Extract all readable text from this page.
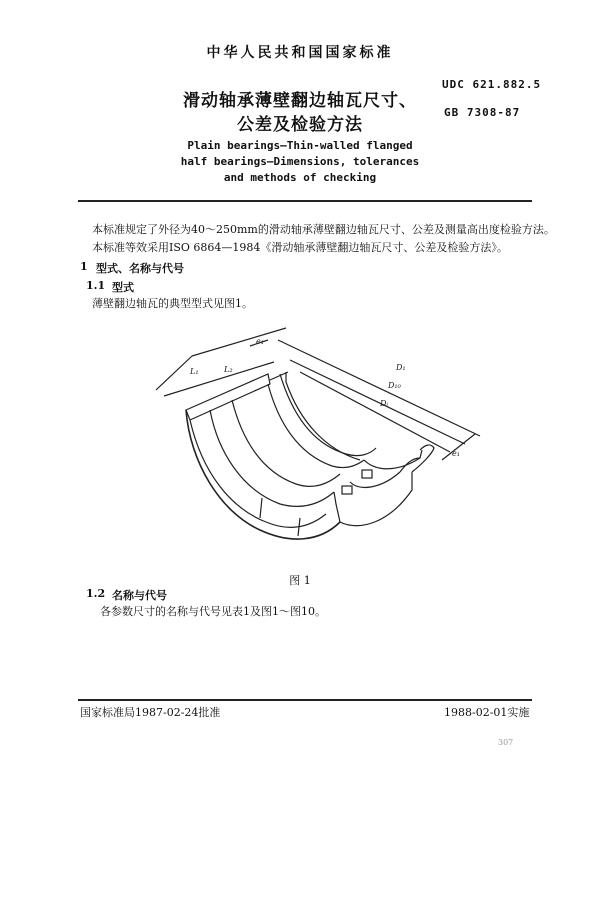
中华人民共和国国家标准
滑动轴承薄壁翻边轴瓦尺寸、
公差及检验方法
UDC 621.882.5
GB 7308-87
Plain bearings—Thin-walled flanged
half bearings—Dimensions, tolerances
and methods of checking
本标准规定了外径为40～250mm的滑动轴承薄壁翻边轴瓦尺寸、公差及测量高出度检验方法。
本标准等效采用ISO 6864—1984《滑动轴承薄壁翻边轴瓦尺寸、公差及检验方法》。
1 型式、名称与代号
1.1 型式
薄壁翻边轴瓦的典型型式见图1。
L₁	L₂
e₁
D₁
D₁₀
Dᵢ
e₁
图 1
1.2 名称与代号
各参数尺寸的名称与代号见表1及图1～图10。
国家标准局1987-02-24批准	1988-02-01实施
307
